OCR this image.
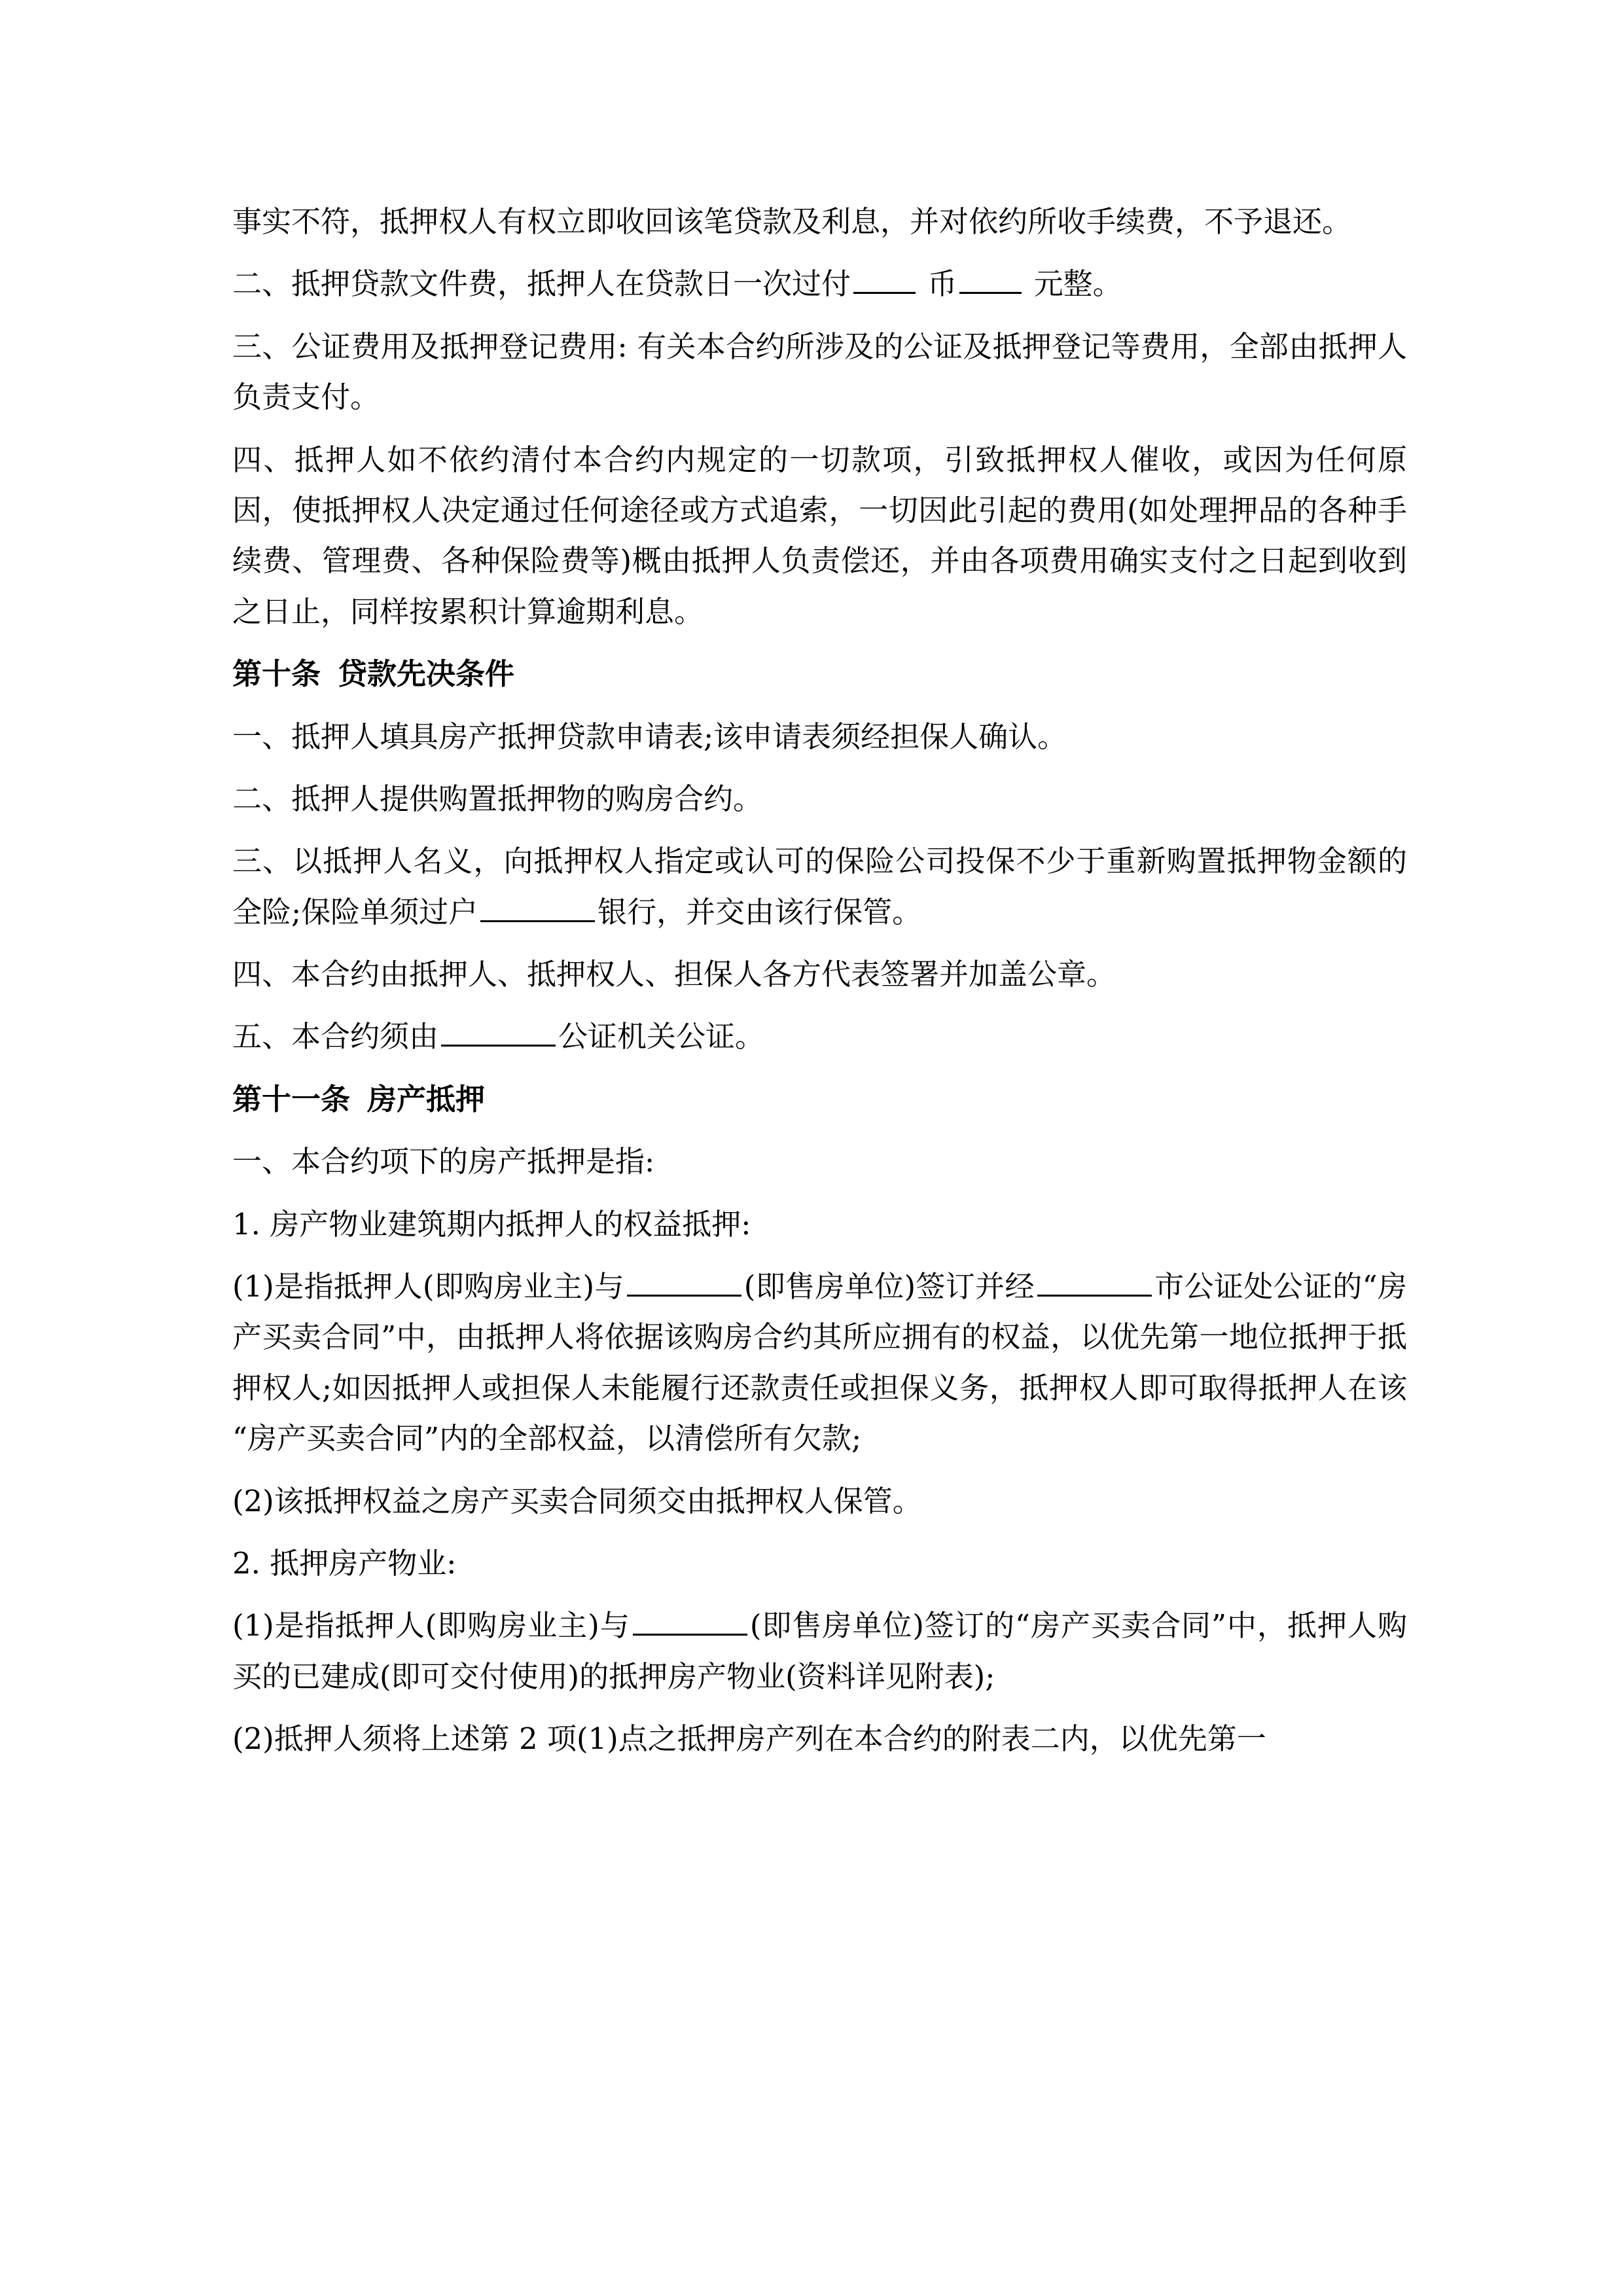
事实不符，抵押权人有权立即收回该笔贷款及利息，并对依约所收手续费，不予退还。

二、抵押贷款文件费，抵押人在贷款日一次过付 币 元整。

三、公证费用及抵押登记费用: 有关本合约所涉及的公证及抵押登记等费用，全部由抵押人负责支付。

四、抵押人如不依约清付本合约内规定的一切款项，引致抵押权人催收，或因为任何原因，使抵押权人决定通过任何途径或方式追索，一切因此引起的费用(如处理押品的各种手续费、管理费、各种保险费等)概由抵押人负责偿还，并由各项费用确实支付之日起到收到之日止，同样按累积计算逾期利息。

第十条 贷款先决条件

一、抵押人填具房产抵押贷款申请表;该申请表须经担保人确认。

二、抵押人提供购置抵押物的购房合约。

三、以抵押人名义，向抵押权人指定或认可的保险公司投保不少于重新购置抵押物金额的全险;保险单须过户	银行，并交由该行保管。

四、本合约由抵押人、抵押权人、担保人各方代表签署并加盖公章。

五、本合约须由	公证机关公证。

第十一条 房产抵押

一、本合约项下的房产抵押是指:

1. 房产物业建筑期内抵押人的权益抵押:

(1)是指抵押人(即购房业主)与	(即售房单位)签订并经	市公证处公证的“房产买卖合同”中，由抵押人将依据该购房合约其所应拥有的权益，以优先第一地位抵押于抵押权人;如因抵押人或担保人未能履行还款责任或担保义务，抵押权人即可取得抵押人在该“房产买卖合同”内的全部权益，以清偿所有欠款;

(2)该抵押权益之房产买卖合同须交由抵押权人保管。

2. 抵押房产物业:

(1)是指抵押人(即购房业主)与	(即售房单位)签订的“房产买卖合同”中，抵押人购买的已建成(即可交付使用)的抵押房产物业(资料详见附表);

(2)抵押人须将上述第 2 项(1)点之抵押房产列在本合约的附表二内，以优先第一
